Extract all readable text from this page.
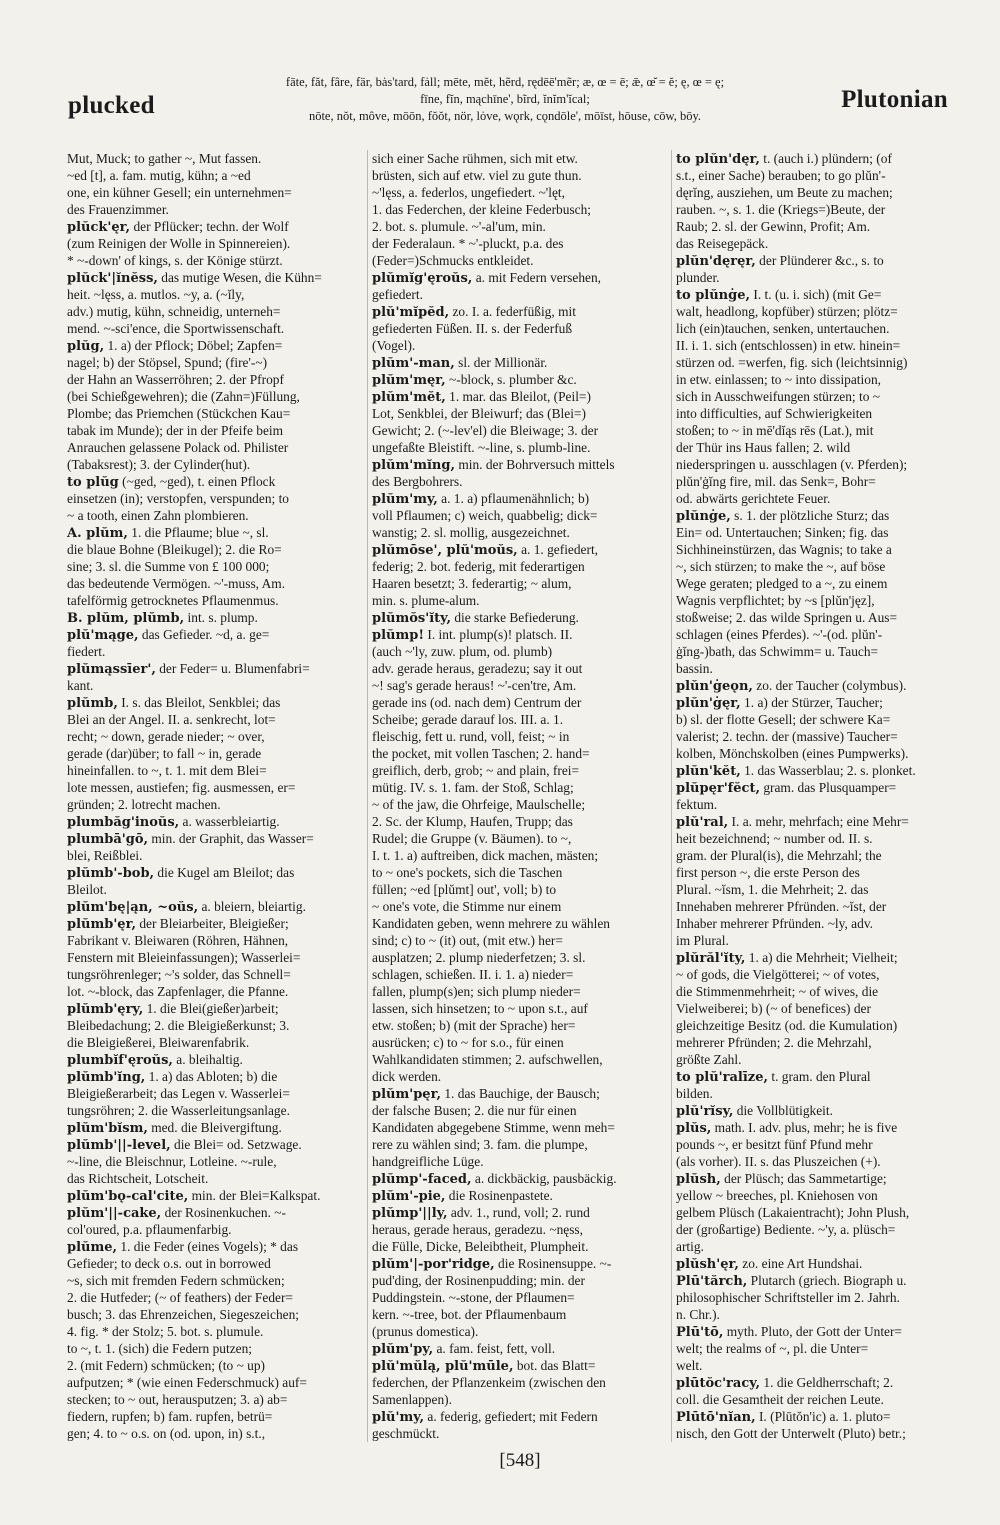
plucked
fāte, făt, fâre, fär, bȧs'tard, fȧll; mēte, mĕt, hẽrd, rędēē'mẽr; æ, œ = ē; ǣ, œ̆ = ĕ; ę, œ = ę;
fīne, fĭn, mąchīne', bĩrd, ĭnĭm'ĭcal;
nōte, nŏt, môve, mōōn, fŏŏt, nör, lȯve, wǫrk, cǫndōle', mōīst, hōuse, cōw, bōy.
Plutonian
Mut, Muck; to gather ~, Mut fassen.
~ed [t], a. fam. mutig, kühn; a ~ed
one, ein kühner Gesell; ein unternehmen=
des Frauenzimmer.
plŭck'ęr, der Pflücker; techn. der Wolf
(zum Reinigen der Wolle in Spinnereien).
* ~-down' of kings, s. der Könige stürzt.
plŭck'|ĭnĕss, das mutige Wesen, die Kühn=
heit. ~lęss, a. mutlos. ~y, a. (~ĭly,
adv.) mutig, kühn, schneidig, unterneh=
mend. ~-sci'ence, die Sportwissenschaft.
plŭg, 1. a) der Pflock; Döbel; Zapfen=
nagel; b) der Stöpsel, Spund; (fire'-~)
der Hahn an Wasserröhren; 2. der Pfropf
(bei Schießgewehren); die (Zahn=)Füllung,
Plombe; das Priemchen (Stückchen Kau=
tabak im Munde); der in der Pfeife beim
Anrauchen gelassene Polack od. Philister
(Tabaksrest); 3. der Cylinder(hut).
to plŭg (~ged, ~ged), t. einen Pflock
einsetzen (in); verstopfen, verspunden; to
~ a tooth, einen Zahn plombieren.
A. plŭm, 1. die Pflaume; blue ~, sl.
die blaue Bohne (Bleikugel); 2. die Ro=
sine; 3. sl. die Summe von £ 100 000;
das bedeutende Vermögen. ~'-muss, Am.
tafelförmig getrocknetes Pflaumenmus.
B. plŭm, plŭmb, int. s. plump.
plŭ'mąge, das Gefieder. ~d, a. ge=
fiedert.
plŭmąssīer', der Feder= u. Blumenfabri=
kant.
plŭmb, I. s. das Bleilot, Senkblei; das
Blei an der Angel. II. a. senkrecht, lot=
recht; ~ down, gerade nieder; ~ over,
gerade (dar)über; to fall ~ in, gerade
hineinfallen. to ~, t. 1. mit dem Blei=
lote messen, austiefen; fig. ausmessen, er=
gründen; 2. lotrecht machen.
plumbăg'inoŭs, a. wasserbleiartig.
plumbā'gō, min. der Graphit, das Wasser=
blei, Reißblei.
plŭmb'-bob, die Kugel am Bleilot; das
Bleilot.
plŭm'bę|ąn, ~oŭs, a. bleiern, bleiartig.
plŭmb'ęr, der Bleiarbeiter, Bleigießer;
Fabrikant v. Bleiwaren (Röhren, Hähnen,
Fenstern mit Bleieinfassungen); Wasserlei=
tungsröhrenleger; ~'s solder, das Schnell=
lot. ~-block, das Zapfenlager, die Pfanne.
plŭmb'ęry, 1. die Blei(gießer)arbeit;
Bleibedachung; 2. die Bleigießerkunst; 3.
die Bleigießerei, Bleiwarenfabrik.
plumbĭf'ęroŭs, a. bleihaltig.
plŭmb'ĭng, 1. a) das Abloten; b) die
Bleigießerarbeit; das Legen v. Wasserlei=
tungsröhren; 2. die Wasserleitungsanlage.
plŭm'bĭsm, med. die Bleivergiftung.
plŭmb'||-level, die Blei= od. Setzwage.
~-line, die Bleischnur, Lotleine. ~-rule,
das Richtscheit, Lotscheit.
plŭm'bǫ-cal'cite, min. der Blei=Kalkspat.
plŭm'||-cake, der Rosinenkuchen. ~-
col'oured, p.a. pflaumenfarbig.
plŭme, 1. die Feder (eines Vogels); * das
Gefieder; to deck o.s. out in borrowed
~s, sich mit fremden Federn schmücken;
2. die Hutfeder; (~ of feathers) der Feder=
busch; 3. das Ehrenzeichen, Siegeszeichen;
4. fig. * der Stolz; 5. bot. s. plumule.
to ~, t. 1. (sich) die Federn putzen;
2. (mit Federn) schmücken; (to ~ up)
aufputzen; * (wie einen Federschmuck) auf=
stecken; to ~ out, herausputzen; 3. a) ab=
fiedern, rupfen; b) fam. rupfen, betrü=
gen; 4. to ~ o.s. on (od. upon, in) s.t.,
sich einer Sache rühmen, sich mit etw.
brüsten, sich auf etw. viel zu gute thun.
~'lęss, a. federlos, ungefiedert. ~'lęt,
1. das Federchen, der kleine Federbusch;
2. bot. s. plumule. ~'-al'um, min.
der Federalaun. * ~'-pluckt, p.a. des
(Feder=)Schmucks entkleidet.
plŭmĭg'ęroŭs, a. mit Federn versehen,
gefiedert.
plŭ'mĭpĕd, zo. I. a. federfüßig, mit
gefiederten Füßen. II. s. der Federfuß
(Vogel).
plŭm'-man, sl. der Millionär.
plŭm'męr, ~-block, s. plumber &c.
plŭm'mĕt, 1. mar. das Bleilot, (Peil=)
Lot, Senkblei, der Bleiwurf; das (Blei=)
Gewicht; 2. (~-lev'el) die Bleiwage; 3. der
ungefaßte Bleistift. ~-line, s. plumb-line.
plŭm'mĭng, min. der Bohrversuch mittels
des Bergbohrers.
plŭm'my, a. 1. a) pflaumenähnlich; b)
voll Pflaumen; c) weich, quabbelig; dick=
wanstig; 2. sl. mollig, ausgezeichnet.
plŭmōse', plŭ'moŭs, a. 1. gefiedert,
federig; 2. bot. federig, mit federartigen
Haaren besetzt; 3. federartig; ~ alum,
min. s. plume-alum.
plŭmŏs'ĭty, die starke Befiederung.
plŭmp! I. int. plump(s)! platsch. II.
(auch ~'ly, zuw. plum, od. plumb)
adv. gerade heraus, geradezu; say it out
~! sag's gerade heraus! ~'-cen'tre, Am.
gerade ins (od. nach dem) Centrum der
Scheibe; gerade darauf los. III. a. 1.
fleischig, fett u. rund, voll, feist; ~ in
the pocket, mit vollen Taschen; 2. hand=
greiflich, derb, grob; ~ and plain, frei=
mütig. IV. s. 1. fam. der Stoß, Schlag;
~ of the jaw, die Ohrfeige, Maulschelle;
2. Sc. der Klump, Haufen, Trupp; das
Rudel; die Gruppe (v. Bäumen). to ~,
I. t. 1. a) auftreiben, dick machen, mästen;
to ~ one's pockets, sich die Taschen
füllen; ~ed [plŭmt] out', voll; b) to
~ one's vote, die Stimme nur einem
Kandidaten geben, wenn mehrere zu wählen
sind; c) to ~ (it) out, (mit etw.) her=
ausplatzen; 2. plump niederfetzen; 3. sl.
schlagen, schießen. II. i. 1. a) nieder=
fallen, plump(s)en; sich plump nieder=
lassen, sich hinsetzen; to ~ upon s.t., auf
etw. stoßen; b) (mit der Sprache) her=
ausrücken; c) to ~ for s.o., für einen
Wahlkandidaten stimmen; 2. aufschwellen,
dick werden.
plŭm'pęr, 1. das Bauchige, der Bausch;
der falsche Busen; 2. die nur für einen
Kandidaten abgegebene Stimme, wenn meh=
rere zu wählen sind; 3. fam. die plumpe,
handgreifliche Lüge.
plŭmp'-faced, a. dickbäckig, pausbäckig.
plŭm'-pie, die Rosinenpastete.
plŭmp'||ly, adv. 1., rund, voll; 2. rund
heraus, gerade heraus, geradezu. ~nęss,
die Fülle, Dicke, Beleibtheit, Plumpheit.
plŭm'|-por'ridge, die Rosinensuppe. ~-
pud'ding, der Rosinenpudding; min. der
Puddingstein. ~-stone, der Pflaumen=
kern. ~-tree, bot. der Pflaumenbaum
(prunus domestica).
plŭm'py, a. fam. feist, fett, voll.
plŭ'mŭlą, plŭ'mūle, bot. das Blatt=
federchen, der Pflanzenkeim (zwischen den
Samenlappen).
plŭ'my, a. federig, gefiedert; mit Federn
geschmückt.
to plŭn'dęr, t. (auch i.) plündern; (of
s.t., einer Sache) berauben; to go plŭn'-
dęrĭng, ausziehen, um Beute zu machen;
rauben. ~, s. 1. die (Kriegs=)Beute, der
Raub; 2. sl. der Gewinn, Profit; Am.
das Reisegepäck.
plŭn'dęręr, der Plünderer &c., s. to
plunder.
to plŭnġe, I. t. (u. i. sich) (mit Ge=
walt, headlong, kopfüber) stürzen; plötz=
lich (ein)tauchen, senken, untertauchen.
II. i. 1. sich (entschlossen) in etw. hinein=
stürzen od. =werfen, fig. sich (leichtsinnig)
in etw. einlassen; to ~ into dissipation,
sich in Ausschweifungen stürzen; to ~
into difficulties, auf Schwierigkeiten
stoßen; to ~ in mē'dĭąs rēs (Lat.), mit
der Thür ins Haus fallen; 2. wild
niederspringen u. ausschlagen (v. Pferden);
plŭn'ġĭng fire, mil. das Senk=, Bohr=
od. abwärts gerichtete Feuer.
plŭnġe, s. 1. der plötzliche Sturz; das
Ein= od. Untertauchen; Sinken; fig. das
Sichhineinstürzen, das Wagnis; to take a
~, sich stürzen; to make the ~, auf böse
Wege geraten; pledged to a ~, zu einem
Wagnis verpflichtet; by ~s [plŭn'jęz],
stoßweise; 2. das wilde Springen u. Aus=
schlagen (eines Pferdes). ~'-(od. plŭn'-
ġĭng-)bath, das Schwimm= u. Tauch=
bassin.
plŭn'ġeǫn, zo. der Taucher (colymbus).
plŭn'ġęr, 1. a) der Stürzer, Taucher;
b) sl. der flotte Gesell; der schwere Ka=
valerist; 2. techn. der (massive) Taucher=
kolben, Mönchskolben (eines Pumpwerks).
plŭn'kĕt, 1. das Wasserblau; 2. s. plonket.
plŭpęr'fĕct, gram. das Plusquamper=
fektum.
plŭ'ral, I. a. mehr, mehrfach; eine Mehr=
heit bezeichnend; ~ number od. II. s.
gram. der Plural(is), die Mehrzahl; the
first person ~, die erste Person des
Plural. ~ĭsm, 1. die Mehrheit; 2. das
Innehaben mehrerer Pfründen. ~ĭst, der
Inhaber mehrerer Pfründen. ~ly, adv.
im Plural.
plŭrăl'ĭty, 1. a) die Mehrheit; Vielheit;
~ of gods, die Vielgötterei; ~ of votes,
die Stimmenmehrheit; ~ of wives, die
Vielweiberei; b) (~ of benefices) der
gleichzeitige Besitz (od. die Kumulation)
mehrerer Pfründen; 2. die Mehrzahl,
größte Zahl.
to plŭ'ralīze, t. gram. den Plural
bilden.
plŭ'rĭsy, die Vollblütigkeit.
plŭs, math. I. adv. plus, mehr; he is five
pounds ~, er besitzt fünf Pfund mehr
(als vorher). II. s. das Pluszeichen (+).
plŭsh, der Plüsch; das Sammetartige;
yellow ~ breeches, pl. Kniehosen von
gelbem Plüsch (Lakaientracht); John Plush,
der (großartige) Bediente. ~'y, a. plüsch=
artig.
plŭsh'ęr, zo. eine Art Hundshai.
Plū'tărch, Plutarch (griech. Biograph u.
philosophischer Schriftsteller im 2. Jahrh.
n. Chr.).
Plū'tō, myth. Pluto, der Gott der Unter=
welt; the realms of ~, pl. die Unter=
welt.
plūtŏc'racy, 1. die Geldherrschaft; 2.
coll. die Gesamtheit der reichen Leute.
Plūtō'nĭan, I. (Plūtŏn'ic) a. 1. pluto=
nisch, den Gott der Unterwelt (Pluto) betr.;
[548]
